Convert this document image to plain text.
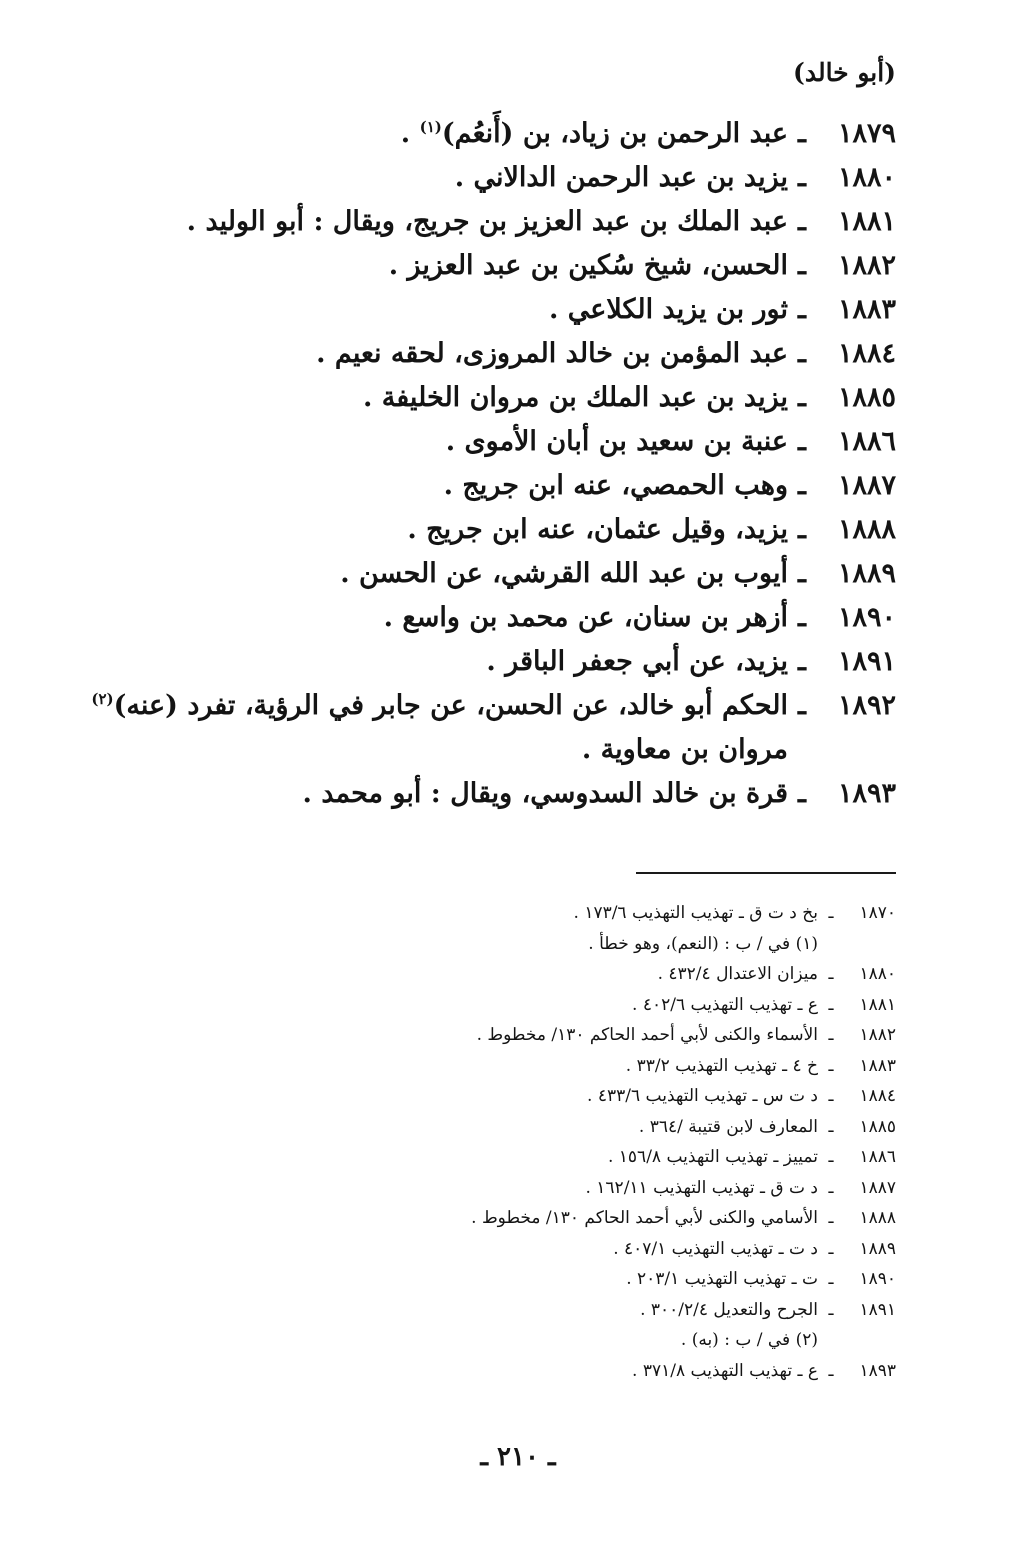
(أبو خالد)
١٨٧٩
ـ
عبد الرحمن بن زياد، بن (أَنعُم)$^{(١)}$ .
١٨٨٠
ـ
يزيد بن عبد الرحمن الدالاني .
١٨٨١
ـ
عبد الملك بن عبد العزيز بن جريج، ويقال : أبو الوليد .
١٨٨٢
ـ
الحسن، شيخ سُكين بن عبد العزيز .
١٨٨٣
ـ
ثور بن يزيد الكلاعي .
١٨٨٤
ـ
عبد المؤمن بن خالد المروزى، لحقه نعيم .
١٨٨٥
ـ
يزيد بن عبد الملك بن مروان الخليفة .
١٨٨٦
ـ
عنبة بن سعيد بن أبان الأموى .
١٨٨٧
ـ
وهب الحمصي، عنه ابن جريج .
١٨٨٨
ـ
يزيد، وقيل عثمان، عنه ابن جريج .
١٨٨٩
ـ
أيوب بن عبد الله القرشي، عن الحسن .
١٨٩٠
ـ
أزهر بن سنان، عن محمد بن واسع .
١٨٩١
ـ
يزيد، عن أبي جعفر الباقر .
١٨٩٢
ـ
الحكم أبو خالد، عن الحسن، عن جابر في الرؤية، تفرد (عنه)$^{(٢)}$
مروان بن معاوية .
١٨٩٣
ـ
قرة بن خالد السدوسي، ويقال : أبو محمد .
١٨٧٠
ـ
بخ د ت ق ـ تهذيب التهذيب ١٧٣/٦ .
(١) في / ب : (النعم)، وهو خطأ .
١٨٨٠
ـ
ميزان الاعتدال ٤٣٢/٤ .
١٨٨١
ـ
ع ـ تهذيب التهذيب ٤٠٢/٦ .
١٨٨٢
ـ
الأسماء والكنى لأبي أحمد الحاكم ١٣٠/ مخطوط .
١٨٨٣
ـ
خ ٤ ـ تهذيب التهذيب ٣٣/٢ .
١٨٨٤
ـ
د ت س ـ تهذيب التهذيب ٤٣٣/٦ .
١٨٨٥
ـ
المعارف لابن قتيبة /٣٦٤ .
١٨٨٦
ـ
تمييز ـ تهذيب التهذيب ١٥٦/٨ .
١٨٨٧
ـ
د ت ق ـ تهذيب التهذيب ١٦٢/١١ .
١٨٨٨
ـ
الأسامي والكنى لأبي أحمد الحاكم ١٣٠/ مخطوط .
١٨٨٩
ـ
د ت ـ تهذيب التهذيب ٤٠٧/١ .
١٨٩٠
ـ
ت ـ تهذيب التهذيب ٢٠٣/١ .
١٨٩١
ـ
الجرح والتعديل ٣٠٠/٢/٤ .
(٢) في / ب : (به) .
١٨٩٣
ـ
ع ـ تهذيب التهذيب ٣٧١/٨ .
ـ ٢١٠ ـ
